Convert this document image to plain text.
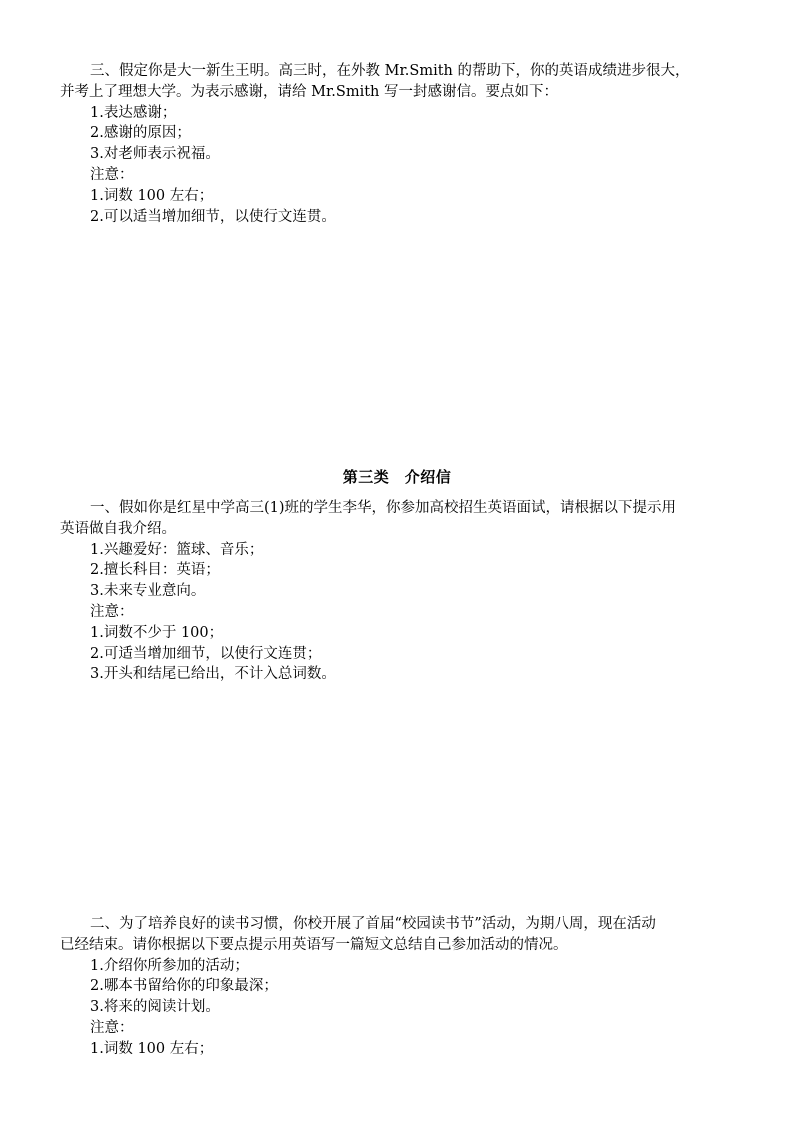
三、假定你是大一新生王明。高三时，在外教 Mr.Smith 的帮助下，你的英语成绩进步很大，
并考上了理想大学。为表示感谢，请给 Mr.Smith 写一封感谢信。要点如下：
1.表达感谢；
2.感谢的原因；
3.对老师表示祝福。
注意：
1.词数 100 左右；
2.可以适当增加细节，以使行文连贯。
第三类　介绍信
一、假如你是红星中学高三(1)班的学生李华，你参加高校招生英语面试，请根据以下提示用
英语做自我介绍。
1.兴趣爱好：篮球、音乐；
2.擅长科目：英语；
3.未来专业意向。
注意：
1.词数不少于 100；
2.可适当增加细节，以使行文连贯；
3.开头和结尾已给出，不计入总词数。
二、为了培养良好的读书习惯，你校开展了首届“校园读书节”活动，为期八周，现在活动
已经结束。请你根据以下要点提示用英语写一篇短文总结自己参加活动的情况。
1.介绍你所参加的活动；
2.哪本书留给你的印象最深；
3.将来的阅读计划。
注意：
1.词数 100 左右；
